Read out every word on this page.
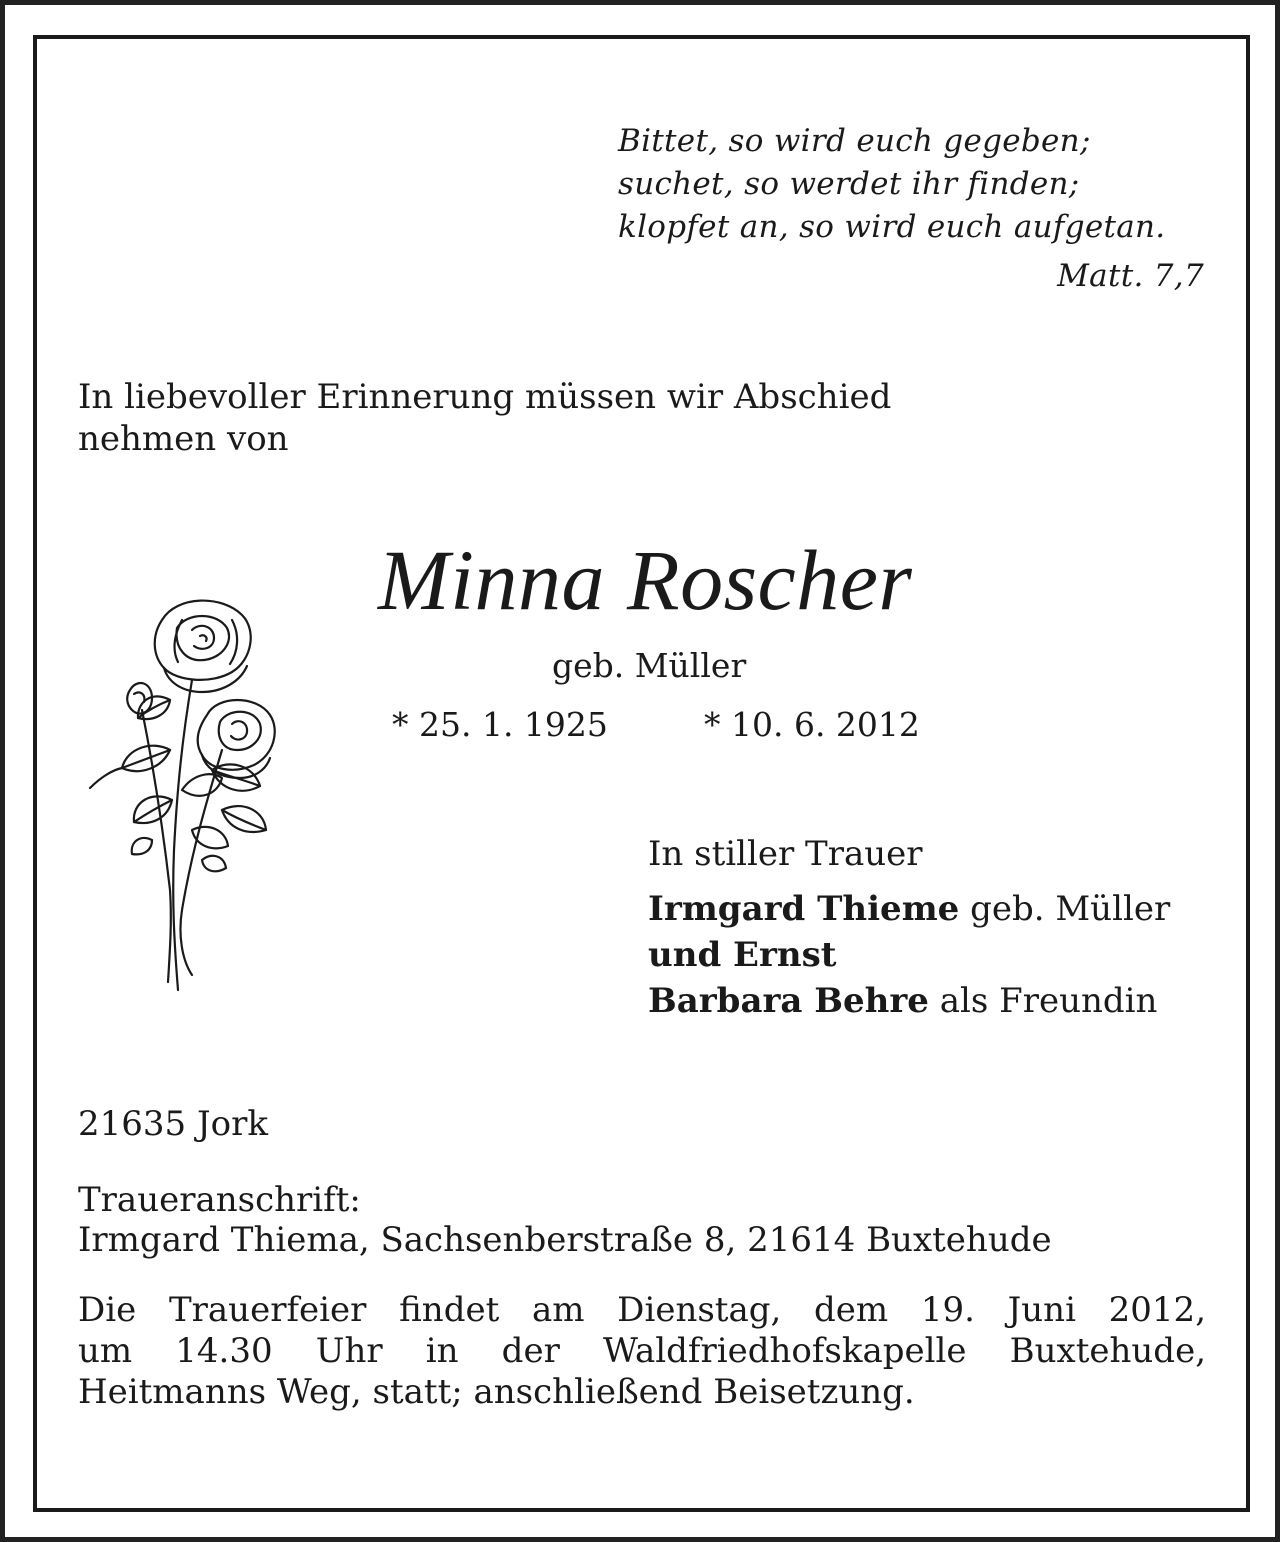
Bittet, so wird euch gegeben;
suchet, so werdet ihr finden;
klopfet an, so wird euch aufgetan.
Matt. 7,7
In liebevoller Erinnerung müssen wir Abschied
nehmen von
Minna Roscher
geb. Müller
* 25. 1. 1925	* 10. 6. 2012
In stiller Trauer
Irmgard Thieme geb. Müller
und Ernst
Barbara Behre als Freundin
21635 Jork
Traueranschrift:
Irmgard Thiema, Sachsenberstraße 8, 21614 Buxtehude
Die Trauerfeier findet am Dienstag, dem 19. Juni 2012,
um 14.30 Uhr in der Waldfriedhofskapelle Buxtehude,
Heitmanns Weg, statt; anschließend Beisetzung.
